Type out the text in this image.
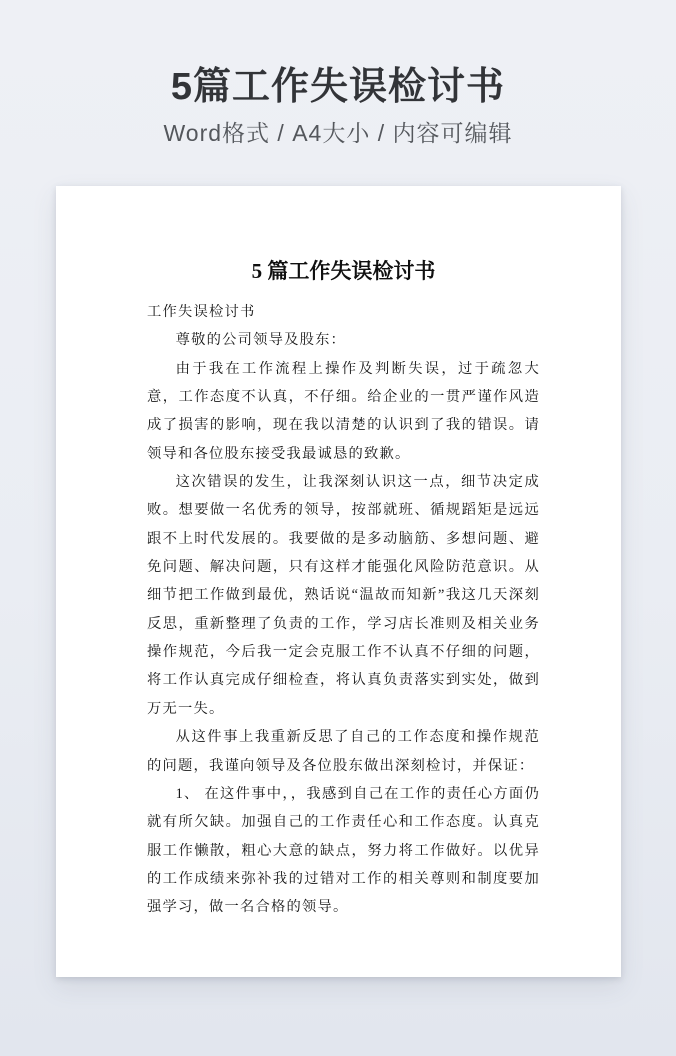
5篇工作失误检讨书
Word格式 / A4大小 / 内容可编辑
5 篇工作失误检讨书

工作失误检讨书

尊敬的公司领导及股东：

由于我在工作流程上操作及判断失误，过于疏忽大意，工作态度不认真，不仔细。给企业的一贯严谨作风造成了损害的影响，现在我以清楚的认识到了我的错误。请领导和各位股东接受我最诚恳的致歉。

这次错误的发生，让我深刻认识这一点，细节决定成败。想要做一名优秀的领导，按部就班、循规蹈矩是远远跟不上时代发展的。我要做的是多动脑筋、多想问题、避免问题、解决问题，只有这样才能强化风险防范意识。从细节把工作做到最优，熟话说“温故而知新”我这几天深刻反思，重新整理了负责的工作，学习店长准则及相关业务操作规范，今后我一定会克服工作不认真不仔细的问题，将工作认真完成仔细检查，将认真负责落实到实处，做到万无一失。

从这件事上我重新反思了自己的工作态度和操作规范的问题，我谨向领导及各位股东做出深刻检讨，并保证：

1、 在这件事中，，我感到自己在工作的责任心方面仍就有所欠缺。加强自己的工作责任心和工作态度。认真克服工作懒散，粗心大意的缺点，努力将工作做好。以优异的工作成绩来弥补我的过错对工作的相关尊则和制度要加强学习，做一名合格的领导。
